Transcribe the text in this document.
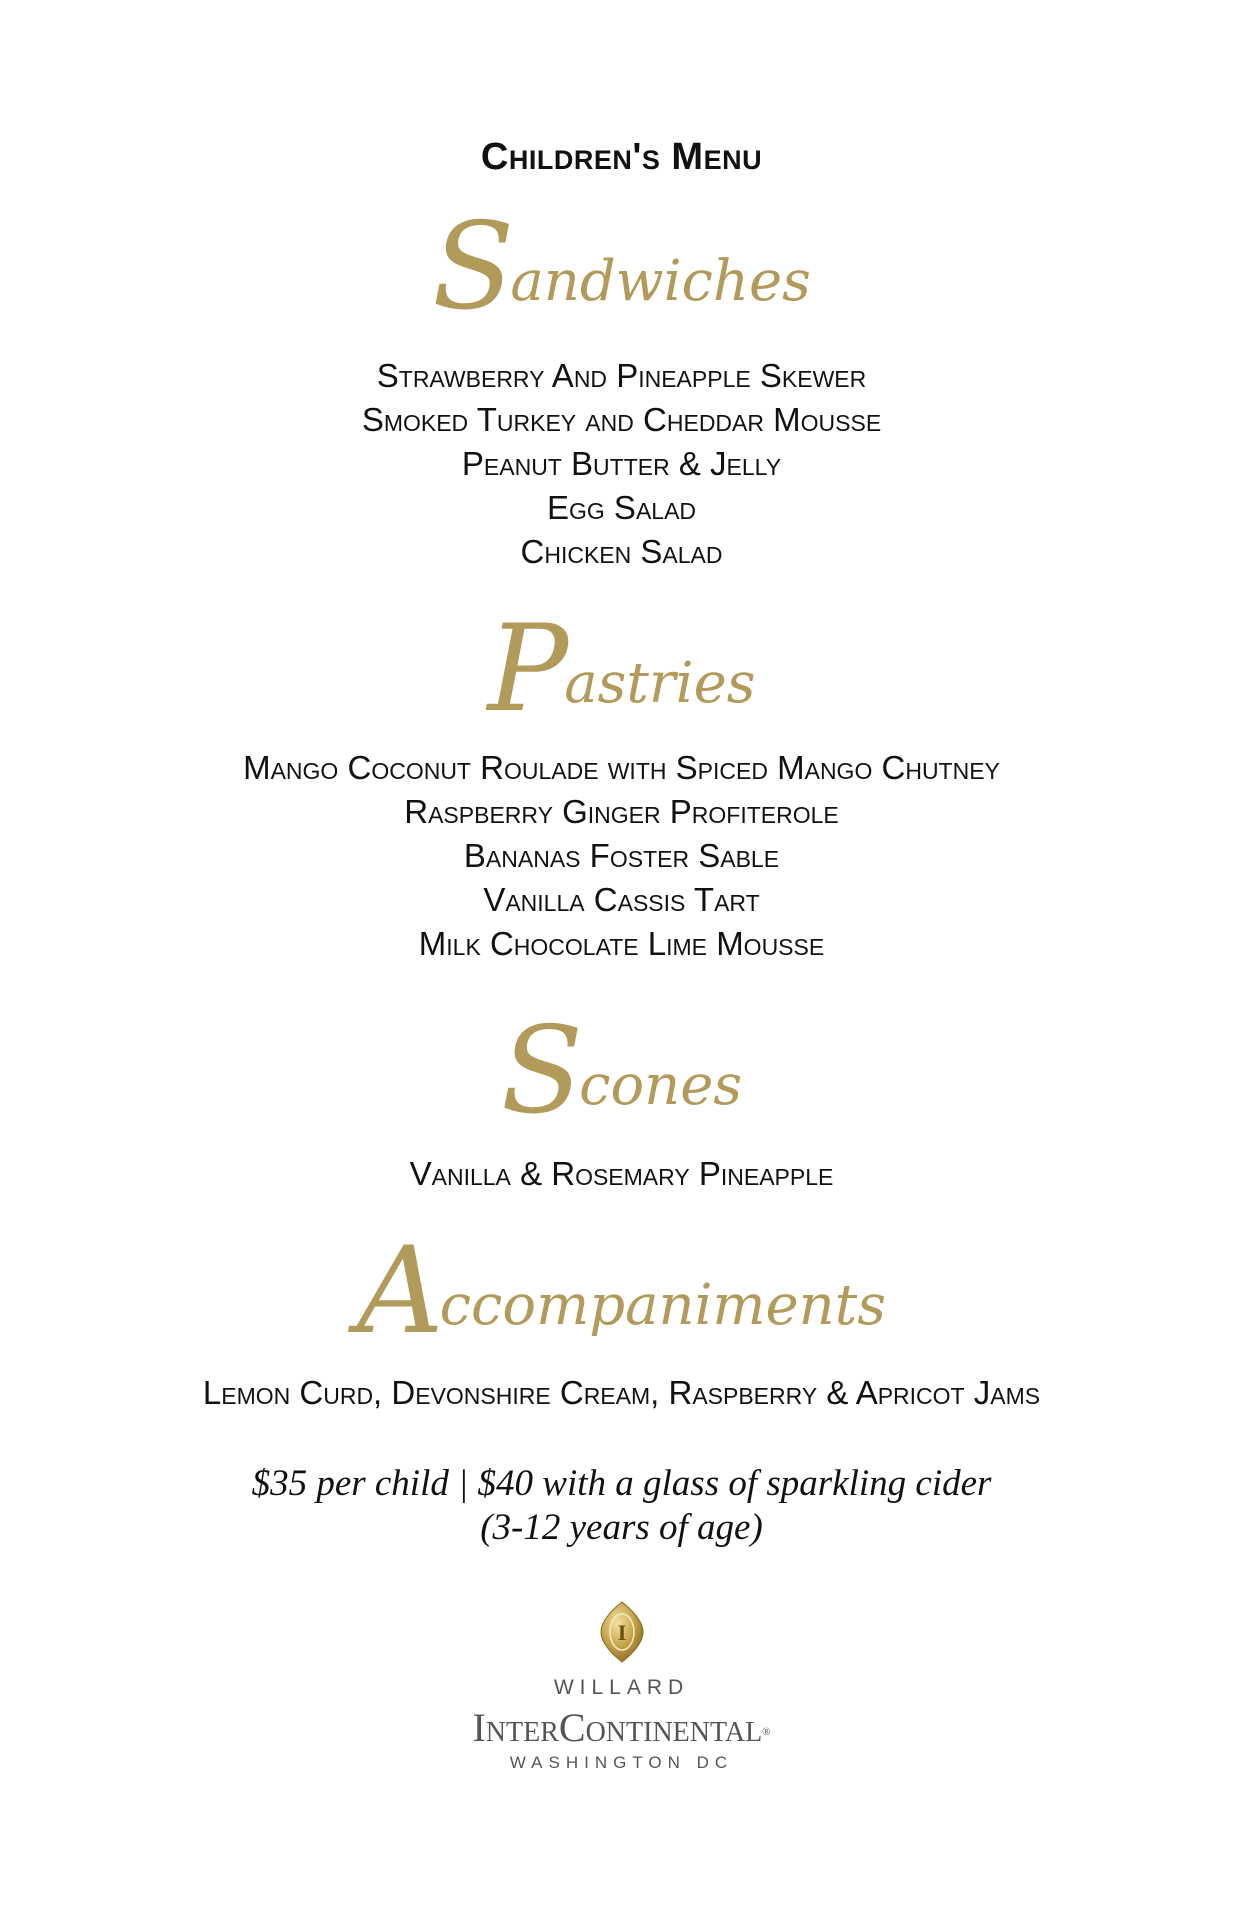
Children's Menu
Sandwiches
Strawberry And Pineapple Skewer
Smoked Turkey and Cheddar Mousse
Peanut Butter & Jelly
Egg Salad
Chicken Salad
Pastries
Mango Coconut Roulade with Spiced Mango Chutney
Raspberry Ginger Profiterole
Bananas Foster Sable
Vanilla Cassis Tart
Milk Chocolate Lime Mousse
Scones
Vanilla & Rosemary Pineapple
Accompaniments
Lemon Curd, Devonshire Cream, Raspberry & Apricot Jams
$35 per child | $40 with a glass of sparkling cider
(3-12 years of age)
I
WILLARD
InterContinental®
WASHINGTON DC
